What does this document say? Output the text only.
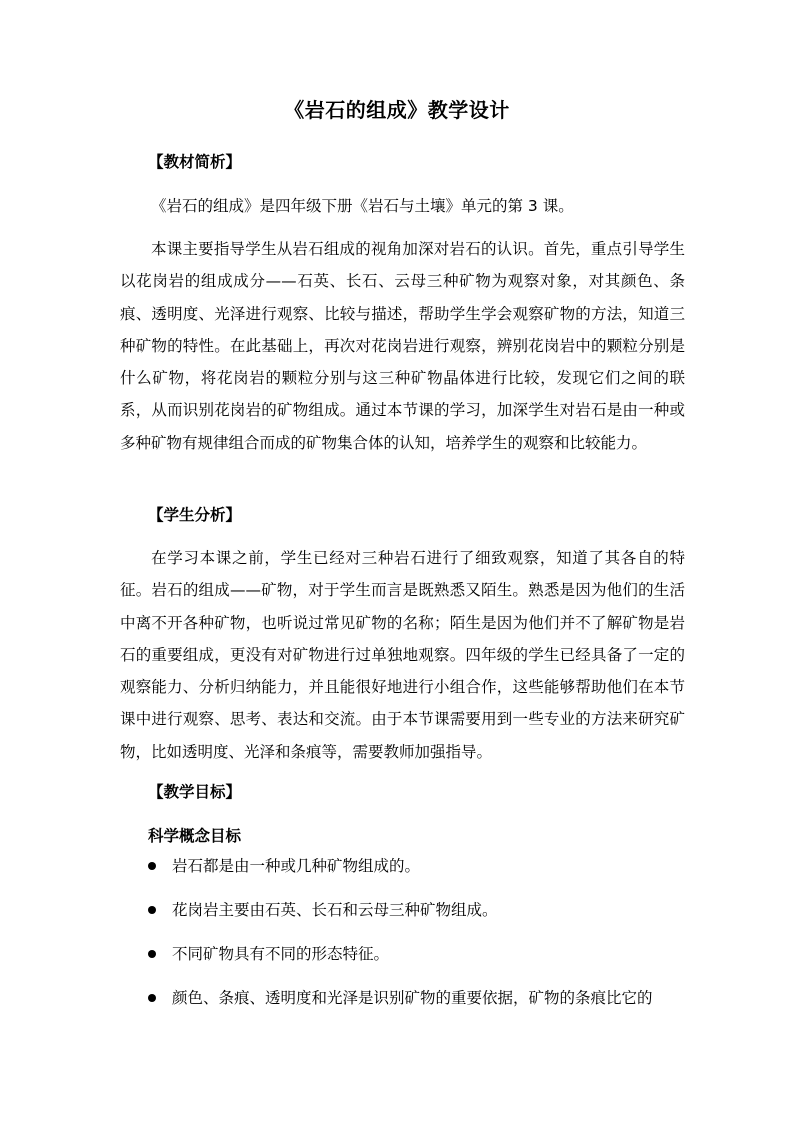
《岩石的组成》教学设计
【教材简析】

《岩石的组成》是四年级下册《岩石与土壤》单元的第 3 课。

本课主要指导学生从岩石组成的视角加深对岩石的认识。首先，重点引导学生以花岗岩的组成成分——石英、长石、云母三种矿物为观察对象，对其颜色、条痕、透明度、光泽进行观察、比较与描述，帮助学生学会观察矿物的方法，知道三种矿物的特性。在此基础上，再次对花岗岩进行观察，辨别花岗岩中的颗粒分别是什么矿物，将花岗岩的颗粒分别与这三种矿物晶体进行比较，发现它们之间的联系，从而识别花岗岩的矿物组成。通过本节课的学习，加深学生对岩石是由一种或多种矿物有规律组合而成的矿物集合体的认知，培养学生的观察和比较能力。

【学生分析】

在学习本课之前，学生已经对三种岩石进行了细致观察，知道了其各自的特征。岩石的组成——矿物，对于学生而言是既熟悉又陌生。熟悉是因为他们的生活中离不开各种矿物，也听说过常见矿物的名称；陌生是因为他们并不了解矿物是岩石的重要组成，更没有对矿物进行过单独地观察。四年级的学生已经具备了一定的观察能力、分析归纳能力，并且能很好地进行小组合作，这些能够帮助他们在本节课中进行观察、思考、表达和交流。由于本节课需要用到一些专业的方法来研究矿物，比如透明度、光泽和条痕等，需要教师加强指导。

【教学目标】
科学概念目标
岩石都是由一种或几种矿物组成的。
花岗岩主要由石英、长石和云母三种矿物组成。
不同矿物具有不同的形态特征。
颜色、条痕、透明度和光泽是识别矿物的重要依据，矿物的条痕比它的
